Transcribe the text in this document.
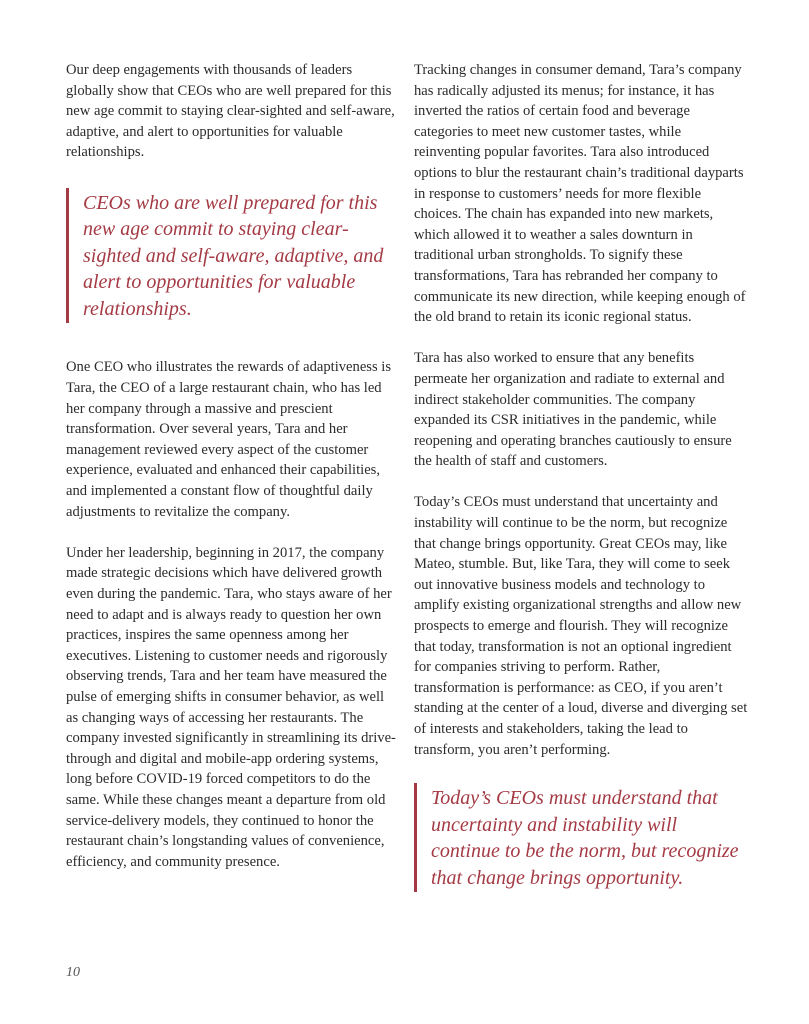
Our deep engagements with thousands of leaders globally show that CEOs who are well prepared for this new age commit to staying clear-sighted and self-aware, adaptive, and alert to opportunities for valuable relationships.

CEOs who are well prepared for this new age commit to staying clear-sighted and self-aware, adaptive, and alert to opportunities for valuable relationships.

One CEO who illustrates the rewards of adaptiveness is Tara, the CEO of a large restaurant chain, who has led her company through a massive and prescient transformation. Over several years, Tara and her management reviewed every aspect of the customer experience, evaluated and enhanced their capabilities, and implemented a constant flow of thoughtful daily adjustments to revitalize the company.

Under her leadership, beginning in 2017, the company made strategic decisions which have delivered growth even during the pandemic. Tara, who stays aware of her need to adapt and is always ready to question her own practices, inspires the same openness among her executives. Listening to customer needs and rigorously observing trends, Tara and her team have measured the pulse of emerging shifts in consumer behavior, as well as changing ways of accessing her restaurants. The company invested significantly in streamlining its drive-through and digital and mobile-app ordering systems, long before COVID-19 forced competitors to do the same. While these changes meant a departure from old service-delivery models, they continued to honor the restaurant chain’s longstanding values of convenience, efficiency, and community presence.

Tracking changes in consumer demand, Tara’s company has radically adjusted its menus; for instance, it has inverted the ratios of certain food and beverage categories to meet new customer tastes, while reinventing popular favorites. Tara also introduced options to blur the restaurant chain’s traditional dayparts in response to customers’ needs for more flexible choices. The chain has expanded into new markets, which allowed it to weather a sales downturn in traditional urban strongholds. To signify these transformations, Tara has rebranded her company to communicate its new direction, while keeping enough of the old brand to retain its iconic regional status.

Tara has also worked to ensure that any benefits permeate her organization and radiate to external and indirect stakeholder communities. The company expanded its CSR initiatives in the pandemic, while reopening and operating branches cautiously to ensure the health of staff and customers.

Today’s CEOs must understand that uncertainty and instability will continue to be the norm, but recognize that change brings opportunity. Great CEOs may, like Mateo, stumble. But, like Tara, they will come to seek out innovative business models and technology to amplify existing organizational strengths and allow new prospects to emerge and flourish. They will recognize that today, transformation is not an optional ingredient for companies striving to perform. Rather, transformation is performance: as CEO, if you aren’t standing at the center of a loud, diverse and diverging set of interests and stakeholders, taking the lead to transform, you aren’t performing.

Today’s CEOs must understand that uncertainty and instability will continue to be the norm, but recognize that change brings opportunity.
10
